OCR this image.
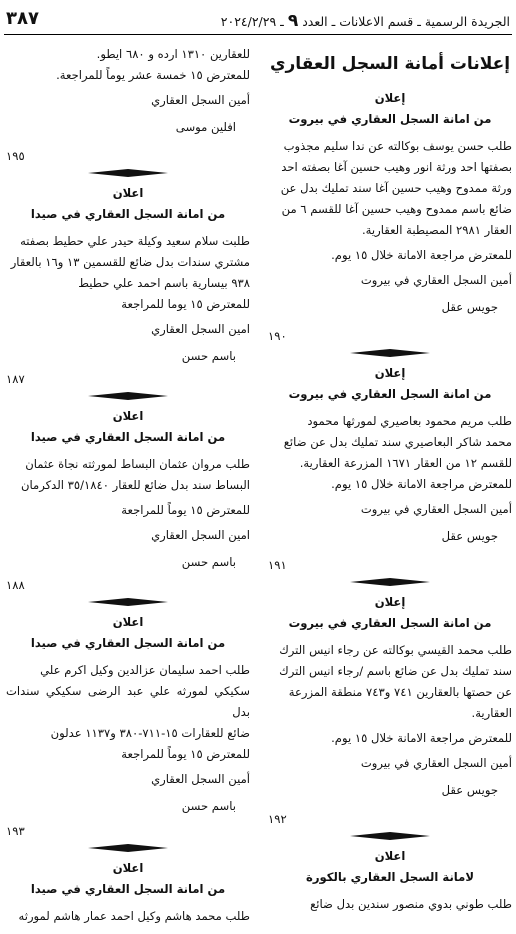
الجريدة الرسمية ـ قسم الاعلانات ـ العدد ٩ ـ ٢٠٢٤/٢/٢٩
٣٨٧
إعلانات أمانة السجل العقاري
إعلان
من امانة السجل العقاري في بيروت
طلب حسن يوسف بوكالته عن ندا سليم مجذوب
بصفتها احد ورثة انور وهيب حسين آغا بصفته احد
ورثة ممدوح وهيب حسين آغا سند تمليك بدل عن
ضائع باسم ممدوح وهيب حسين آغا للقسم ٦ من
العقار ٢٩٨١ المصيطبة العقارية.
للمعترض مراجعة الامانة خلال ١٥ يوم.
أمين السجل العقاري في بيروت
جويس عقل
١٩٠
إعلان
من امانة السجل العقاري في بيروت
طلب مريم محمود بعاصيري لمورثها محمود
محمد شاكر البعاصيري سند تمليك بدل عن ضائع
للقسم ١٢ من العقار ١٦٧١ المزرعة العقارية.
للمعترض مراجعة الامانة خلال ١٥ يوم.
أمين السجل العقاري في بيروت
جويس عقل
١٩١
إعلان
من امانة السجل العقاري في بيروت
طلب محمد القيسي بوكالته عن رجاء انيس الترك
سند تمليك بدل عن ضائع باسم /رجاء انيس الترك
عن حصتها بالعقارين ٧٤١ و٧٤٣ منطقة المزرعة
العقارية.
للمعترض مراجعة الامانة خلال ١٥ يوم.
أمين السجل العقاري في بيروت
جويس عقل
١٩٢
اعلان
لامانة السجل العقاري بالكورة
طلب طوني بدوي منصور سندين بدل ضائع
للعقارين ١٣١٠ ارده و ٦٨٠ ايطو.
للمعترض ١٥ خمسة عشر يوماً للمراجعة.
أمين السجل العقاري
افلين موسى
١٩٥
اعلان
من امانة السجل العقاري في صيدا
طلبت سلام سعيد وكيلة حيدر علي حطيط بصفته
مشتري سندات بدل ضائع للقسمين ١٣ و١٦ بالعقار
٩٣٨ بيسارية باسم احمد علي حطيط
للمعترض ١٥ يوما للمراجعة
امين السجل العقاري
باسم حسن
١٨٧
اعلان
من امانة السجل العقاري في صيدا
طلب مروان عثمان البساط لمورثته نجاة عثمان
البساط سند بدل ضائع للعقار ٣٥/١٨٤٠ الدكرمان
للمعترض ١٥ يوماً للمراجعة
امين السجل العقاري
باسم حسن
١٨٨
اعلان
من امانة السجل العقاري في صيدا
طلب احمد سليمان عزالدين وكيل اكرم علي
سكيكي لمورثه علي عبد الرضى سكيكي سندات بدل
ضائع للعقارات ١٥-٧١١-٣٨٠ و١١٣٧ عدلون
للمعترض ١٥ يوماً للمراجعة
أمين السجل العقاري
باسم حسن
١٩٣
اعلان
من امانة السجل العقاري في صيدا
طلب محمد هاشم وكيل احمد عمار هاشم لمورثه
